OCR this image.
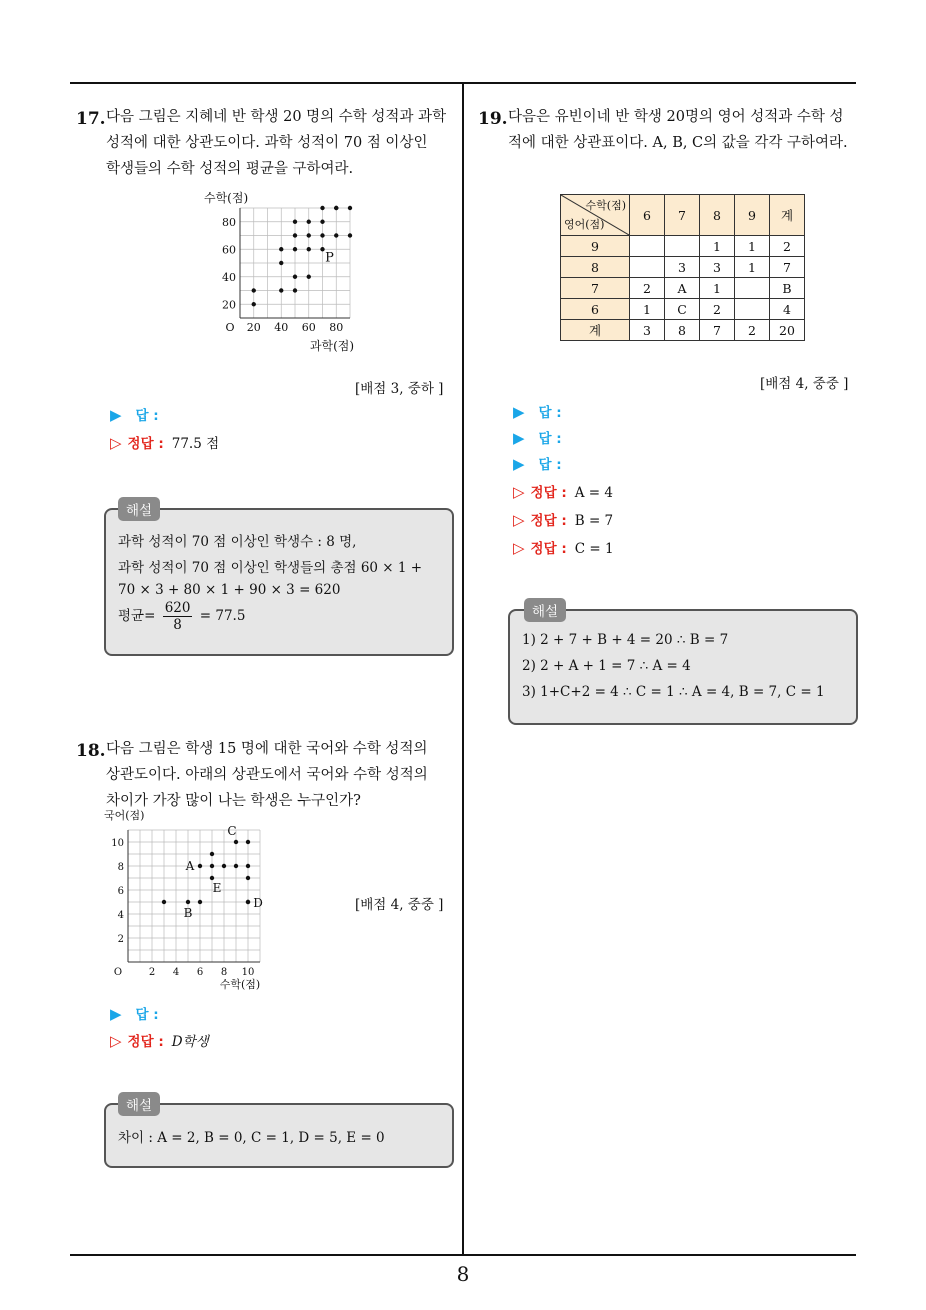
8
17. 다음 그림은 지혜네 반 학생 20 명의 수학 성적과 과학
성적에 대한 상관도이다. 과학 성적이 70 점 이상인
학생들의 수학 성적의 평균을 구하여라.
20 40 60 80
20
40
60
80
O
수학(점)
과학(점)
P
[배점 3, 중하 ]
▶ 답 :
▷ 정답 : 77.5 점
해설
과학 성적이 70 점 이상인 학생수 : 8 명,
과학 성적이 70 점 이상인 학생들의 총점 60 × 1 +
70 × 3 + 80 × 1 + 90 × 3 = 620
평균= $\frac{620}{8} = 77.5$
18. 다음 그림은 학생 15 명에 대한 국어와 수학 성적의
상관도이다. 아래의 상관도에서 국어와 수학 성적의
차이가 가장 많이 나는 학생은 누구인가?
2 4 6 8 10
2
4
6
8
10
O
국어(점)
수학(점)
A
B
C
D
E
[배점 4, 중중 ]
▶ 답 :
▷ 정답 : D학생
해설
차이 : A = 2, B = 0, C = 1, D = 5, E = 0
19. 다음은 유빈이네 반 학생 20명의 영어 성적과 수학 성
적에 대한 상관표이다. A, B, C의 값을 각각 구하여라.
수학(점)
영어(점)	6	7	8	9	계
9			1	1	2
8		3	3	1	7
7	2	A	1		B
6	1	C	2		4
계	3	8	7	2	20
[배점 4, 중중 ]
▶ 답 :
▶ 답 :
▶ 답 :
▷ 정답 : A = 4
▷ 정답 : B = 7
▷ 정답 : C = 1
해설
1) 2 + 7 + B + 4 = 20 ∴ B = 7
2) 2 + A + 1 = 7 ∴ A = 4
3) 1+C+2 = 4 ∴ C = 1 ∴ A = 4, B = 7, C = 1
